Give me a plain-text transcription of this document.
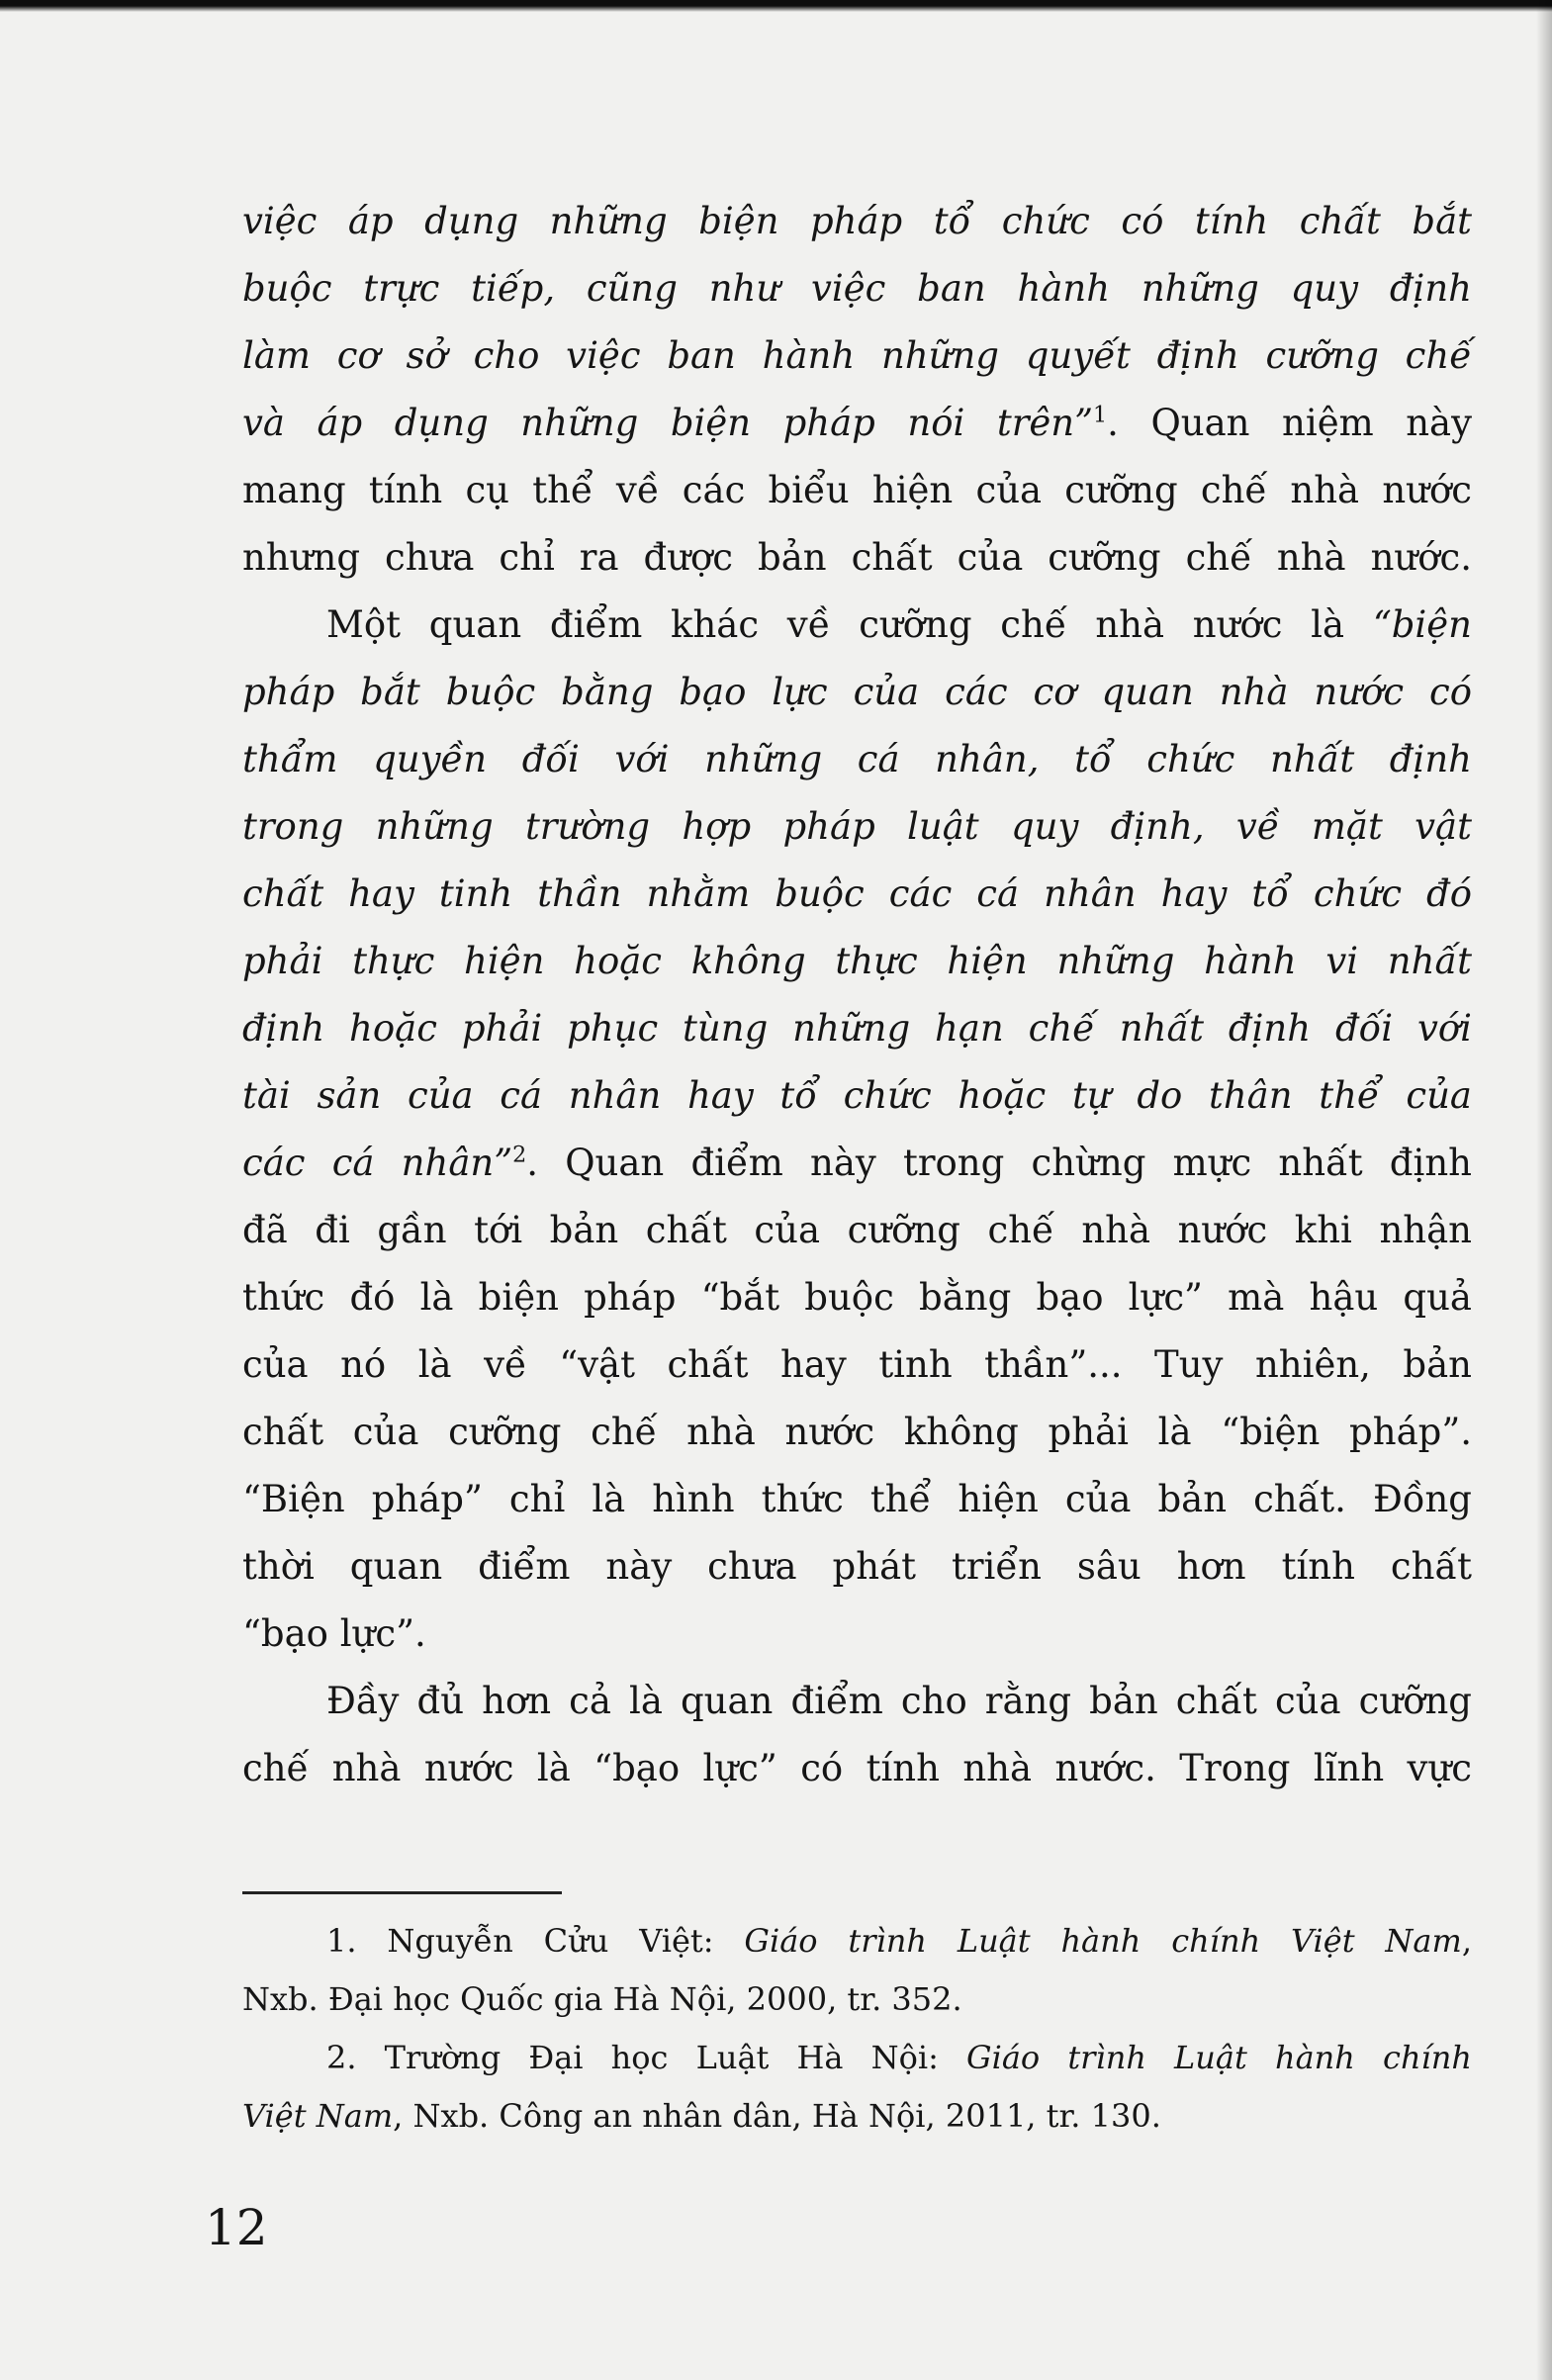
việc áp dụng những biện pháp tổ chức có tính chất bắt
buộc trực tiếp, cũng như việc ban hành những quy định
làm cơ sở cho việc ban hành những quyết định cưỡng chế
và áp dụng những biện pháp nói trên”$^1$. Quan niệm này
mang tính cụ thể về các biểu hiện của cưỡng chế nhà nước
nhưng chưa chỉ ra được bản chất của cưỡng chế nhà nước.
Một quan điểm khác về cưỡng chế nhà nước là “biện
pháp bắt buộc bằng bạo lực của các cơ quan nhà nước có
thẩm quyền đối với những cá nhân, tổ chức nhất định
trong những trường hợp pháp luật quy định, về mặt vật
chất hay tinh thần nhằm buộc các cá nhân hay tổ chức đó
phải thực hiện hoặc không thực hiện những hành vi nhất
định hoặc phải phục tùng những hạn chế nhất định đối với
tài sản của cá nhân hay tổ chức hoặc tự do thân thể của
các cá nhân”$^2$. Quan điểm này trong chừng mực nhất định
đã đi gần tới bản chất của cưỡng chế nhà nước khi nhận
thức đó là biện pháp “bắt buộc bằng bạo lực” mà hậu quả
của nó là về “vật chất hay tinh thần”... Tuy nhiên, bản
chất của cưỡng chế nhà nước không phải là “biện pháp”.
“Biện pháp” chỉ là hình thức thể hiện của bản chất. Đồng
thời quan điểm này chưa phát triển sâu hơn tính chất
“bạo lực”.
Đầy đủ hơn cả là quan điểm cho rằng bản chất của cưỡng
chế nhà nước là “bạo lực” có tính nhà nước. Trong lĩnh vực
1. Nguyễn Cửu Việt: Giáo trình Luật hành chính Việt Nam,
Nxb. Đại học Quốc gia Hà Nội, 2000, tr. 352.
2. Trường Đại học Luật Hà Nội: Giáo trình Luật hành chính
Việt Nam, Nxb. Công an nhân dân, Hà Nội, 2011, tr. 130.
12
